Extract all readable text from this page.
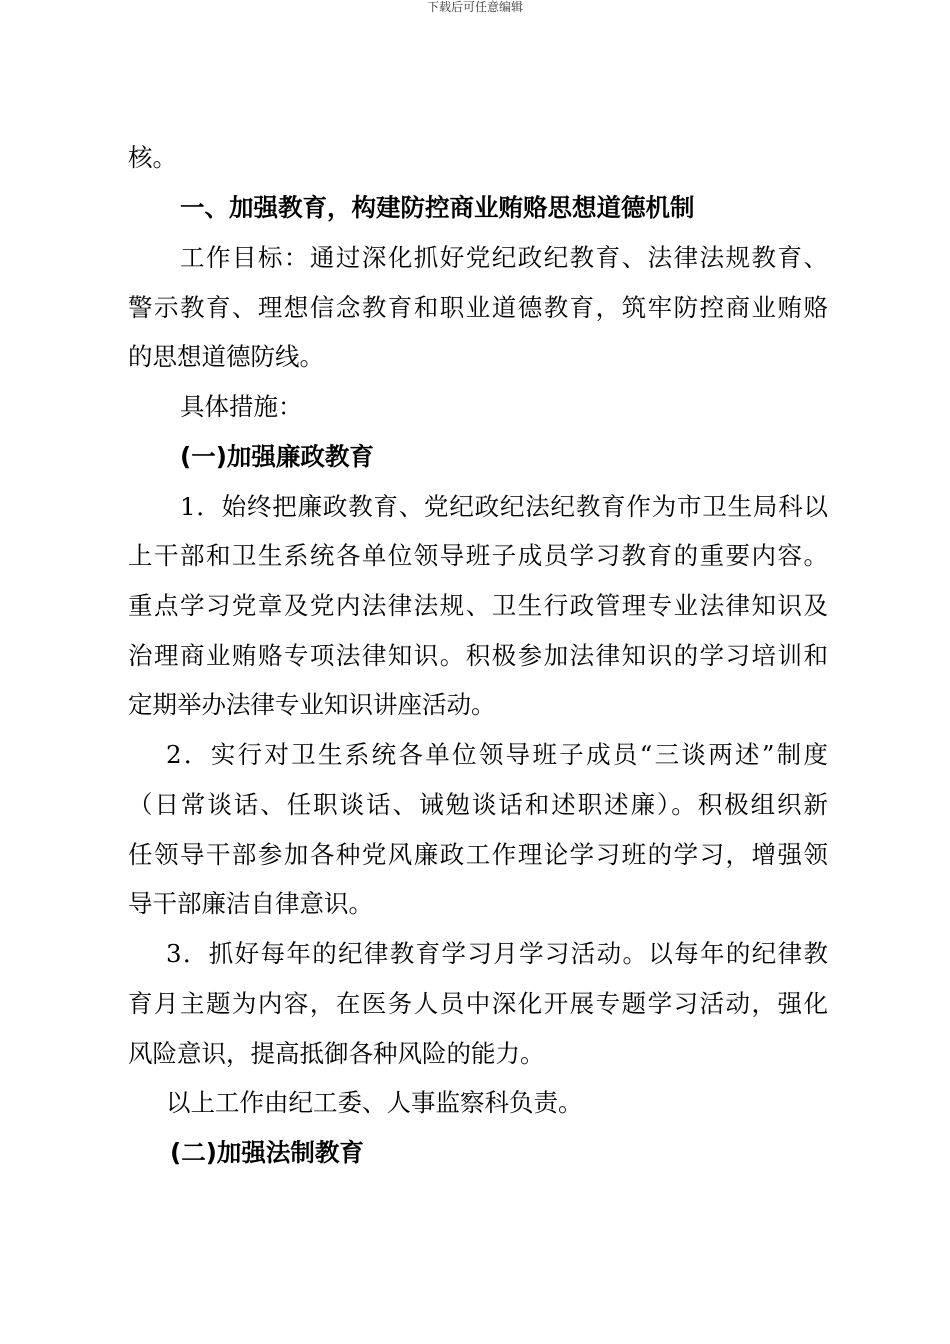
下载后可任意编辑
核。
一、加强教育，构建防控商业贿赂思想道德机制
工作目标：通过深化抓好党纪政纪教育、法律法规教育、
警示教育、理想信念教育和职业道德教育，筑牢防控商业贿赂
的思想道德防线。
具体措施：
(一)加强廉政教育
1．始终把廉政教育、党纪政纪法纪教育作为市卫生局科以
上干部和卫生系统各单位领导班子成员学习教育的重要内容。
重点学习党章及党内法律法规、卫生行政管理专业法律知识及
治理商业贿赂专项法律知识。积极参加法律知识的学习培训和
定期举办法律专业知识讲座活动。
2．实行对卫生系统各单位领导班子成员“三谈两述”制度
（日常谈话、任职谈话、诫勉谈话和述职述廉）。积极组织新
任领导干部参加各种党风廉政工作理论学习班的学习，增强领
导干部廉洁自律意识。
3．抓好每年的纪律教育学习月学习活动。以每年的纪律教
育月主题为内容，在医务人员中深化开展专题学习活动，强化
风险意识，提高抵御各种风险的能力。
以上工作由纪工委、人事监察科负责。
(二)加强法制教育
